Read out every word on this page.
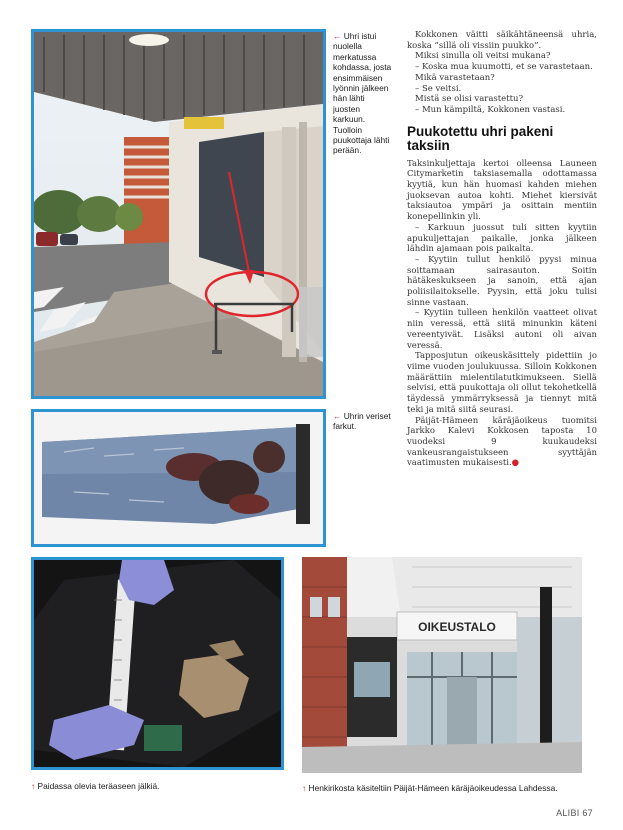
← Uhri istui nuolella merkatussa kohdassa, josta ensimmäisen lyönnin jälkeen hän lähti juosten karkuun. Tuolloin puukottaja lähti perään.
← Uhrin veriset farkut.
↑ Paidassa olevia teräaseen jälkiä.
OIKEUSTALO
↑ Henkirikosta käsiteltiin Päijät-Hämeen käräjäoikeudessa Lahdessa.

Kokkonen väitti säikähtäneensä uhria, koska ”sillä oli vissiin puukko”.

Miksi sinulla oli veitsi mukana?

– Koska mua kuumotti, et se varastetaan.

Mikä varastetaan?

– Se veitsi.

Mistä se olisi varastettu?

– Mun kämpiltä, Kokkonen vastasi.

Puukotettu uhri pakeni taksiin

Taksinkuljettaja kertoi olleensa Launeen Citymarketin taksiasemalla odottamassa kyytiä, kun hän huomasi kahden miehen juoksevan autoa kohti. Miehet kiersivät taksiautoa ympäri ja osittain mentiin konepellinkin yli.

– Karkuun juossut tuli sitten kyytiin apukuljettajan paikalle, jonka jälkeen lähdin ajamaan pois paikalta.

– Kyytiin tullut henkilö pyysi minua soittamaan sairasauton. Soitin hätäkeskukseen ja sanoin, että ajan poliisilaitokselle. Pyysin, että joku tulisi sinne vastaan.

– Kyytiin tulleen henkilön vaatteet olivat niin veressä, että siitä minunkin käteni vereentyivät. Lisäksi autoni oli aivan veressä.

Tapposjutun oikeuskäsittely pidettiin jo viime vuoden joulukuussa. Silloin Kokkonen määrättiin mielentilatutkimukseen. Siellä selvisi, että puukottaja oli ollut tekohetkellä täydessä ymmärryksessä ja tiennyt mitä teki ja mitä siitä seurasi.

Päijät-Hämeen käräjäoikeus tuomitsi Jarkko Kalevi Kokkosen taposta 10 vuodeksi 9 kuukaudeksi vankeusrangaistukseen syyttäjän vaatimusten mukaisesti.●

ALIBI 67
